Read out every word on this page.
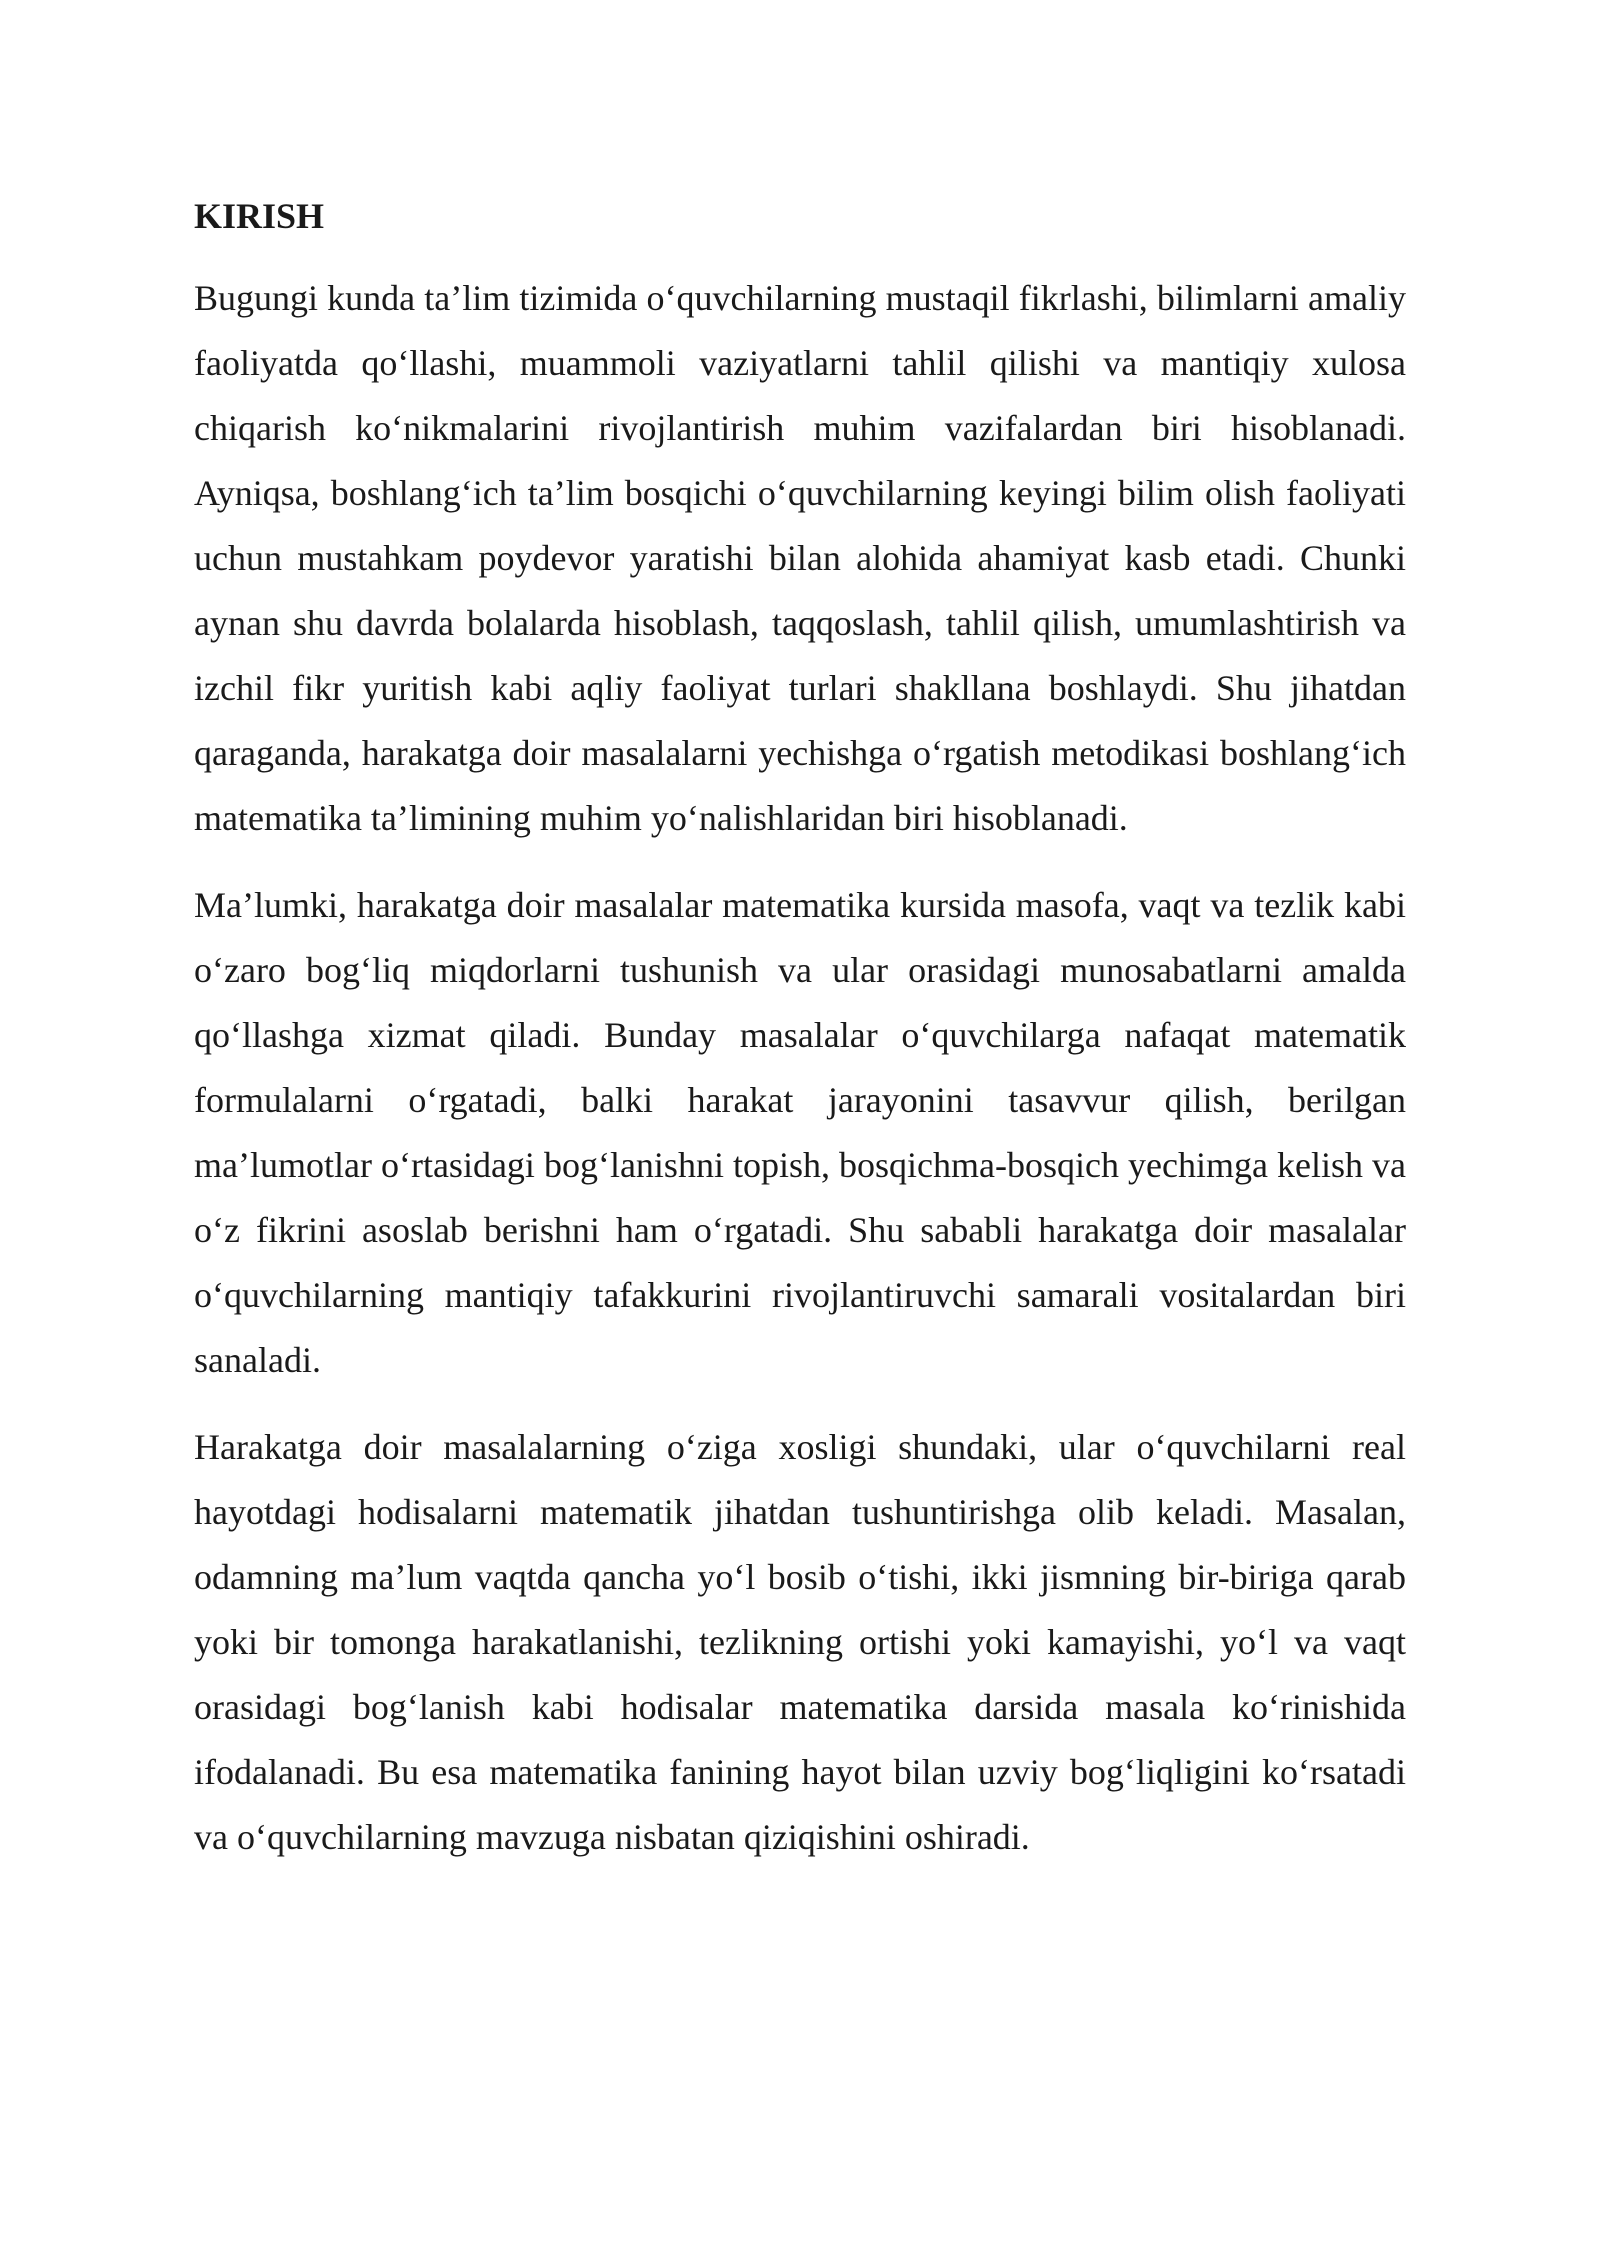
KIRISH

Bugungi kunda ta’lim tizimida o‘quvchilarning mustaqil fikrlashi, bilimlarni amaliy faoliyatda qo‘llashi, muammoli vaziyatlarni tahlil qilishi va mantiqiy xulosa chiqarish ko‘nikmalarini rivojlantirish muhim vazifalardan biri hisoblanadi. Ayniqsa, boshlang‘ich ta’lim bosqichi o‘quvchilarning keyingi bilim olish faoliyati uchun mustahkam poydevor yaratishi bilan alohida ahamiyat kasb etadi. Chunki aynan shu davrda bolalarda hisoblash, taqqoslash, tahlil qilish, umumlashtirish va izchil fikr yuritish kabi aqliy faoliyat turlari shakllana boshlaydi. Shu jihatdan qaraganda, harakatga doir masalalarni yechishga o‘rgatish metodikasi boshlang‘ich matematika ta’limining muhim yo‘nalishlaridan biri hisoblanadi.

Ma’lumki, harakatga doir masalalar matematika kursida masofa, vaqt va tezlik kabi o‘zaro bog‘liq miqdorlarni tushunish va ular orasidagi munosabatlarni amalda qo‘llashga xizmat qiladi. Bunday masalalar o‘quvchilarga nafaqat matematik formulalarni o‘rgatadi, balki harakat jarayonini tasavvur qilish, berilgan ma’lumotlar o‘rtasidagi bog‘lanishni topish, bosqichma-bosqich yechimga kelish va o‘z fikrini asoslab berishni ham o‘rgatadi. Shu sababli harakatga doir masalalar o‘quvchilarning mantiqiy tafakkurini rivojlantiruvchi samarali vositalardan biri sanaladi.

Harakatga doir masalalarning o‘ziga xosligi shundaki, ular o‘quvchilarni real hayotdagi hodisalarni matematik jihatdan tushuntirishga olib keladi. Masalan, odamning ma’lum vaqtda qancha yo‘l bosib o‘tishi, ikki jismning bir-biriga qarab yoki bir tomonga harakatlanishi, tezlikning ortishi yoki kamayishi, yo‘l va vaqt orasidagi bog‘lanish kabi hodisalar matematika darsida masala ko‘rinishida ifodalanadi. Bu esa matematika fanining hayot bilan uzviy bog‘liqligini ko‘rsatadi va o‘quvchilarning mavzuga nisbatan qiziqishini oshiradi.
